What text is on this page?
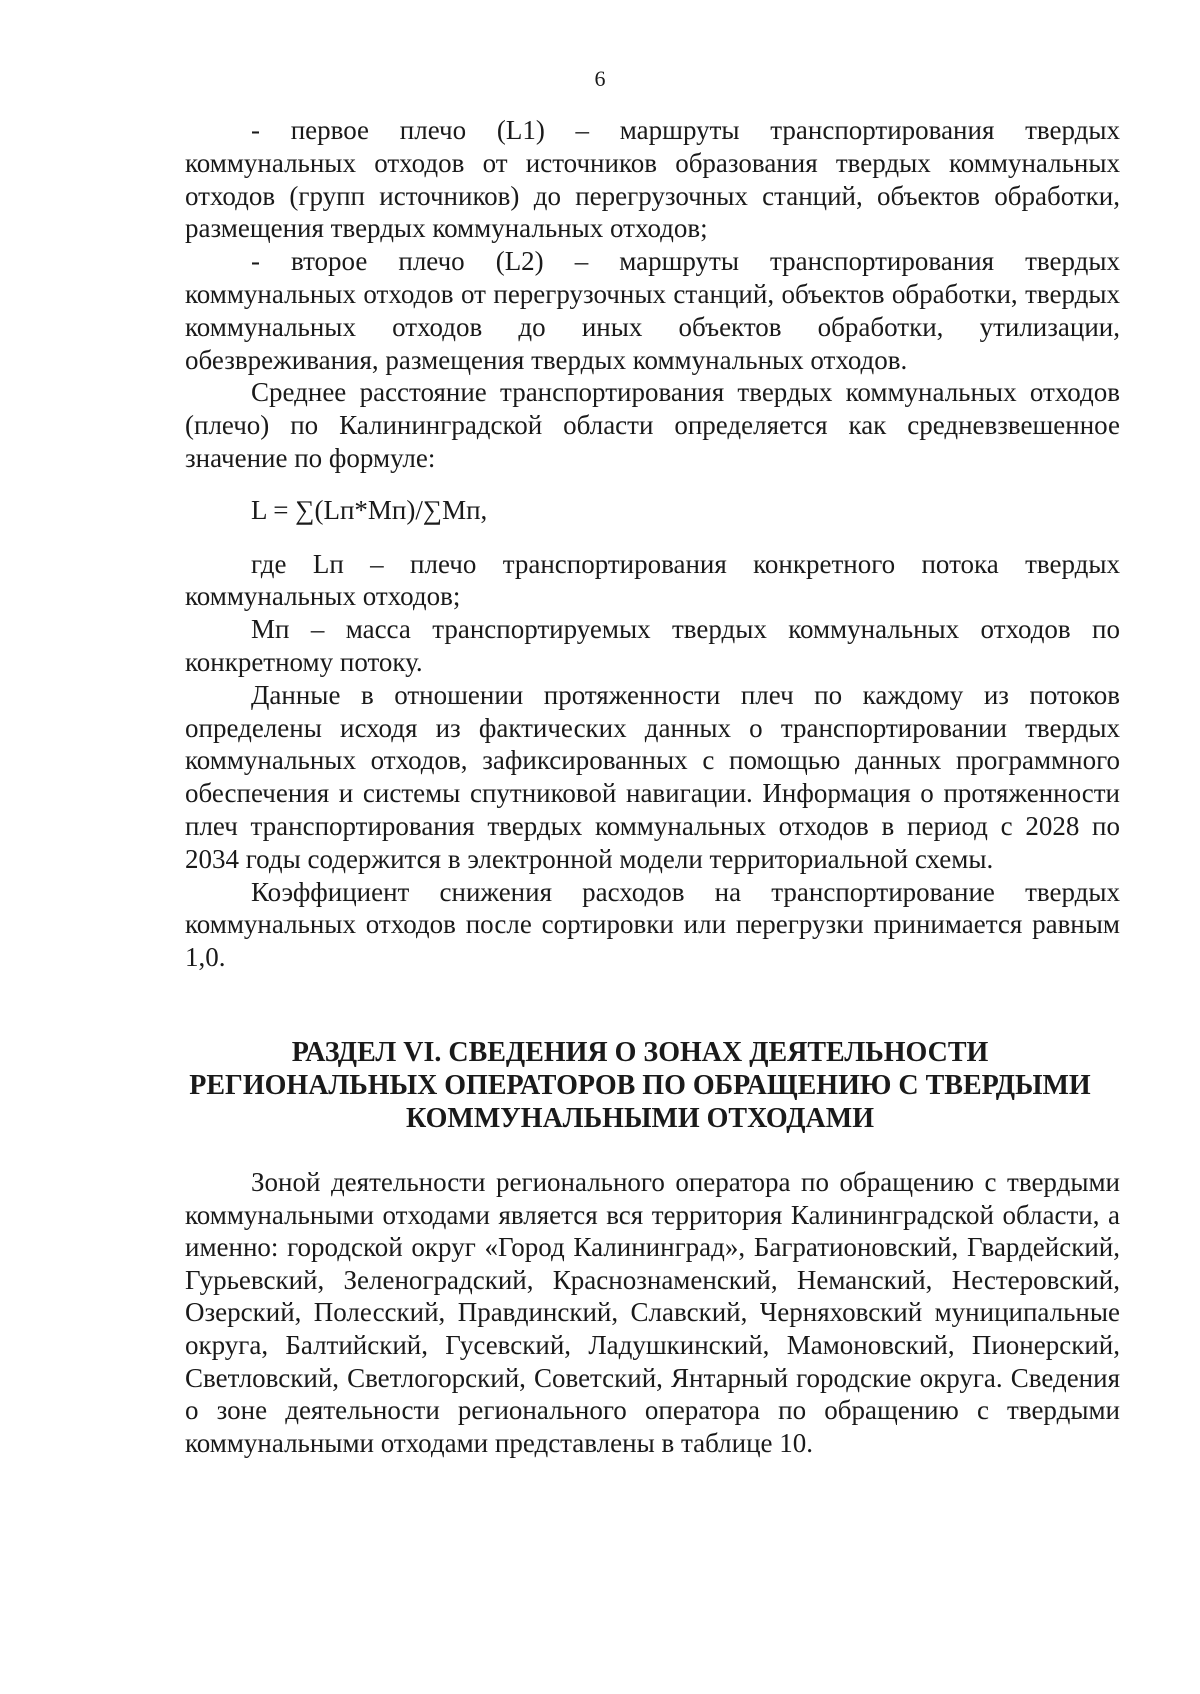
6

- первое плечо (L1) – маршруты транспортирования твердых коммунальных отходов от источников образования твердых коммунальных отходов (групп источников) до перегрузочных станций, объектов обработки, размещения твердых коммунальных отходов;

- второе плечо (L2) – маршруты транспортирования твердых коммунальных отходов от перегрузочных станций, объектов обработки, твердых коммунальных отходов до иных объектов обработки, утилизации, обезвреживания, размещения твердых коммунальных отходов.

Среднее расстояние транспортирования твердых коммунальных отходов (плечо) по Калининградской области определяется как средневзвешенное значение по формуле:

L = ∑(Lп*Mп)/∑Mп,

где Lп – плечо транспортирования конкретного потока твердых коммунальных отходов;

Mп – масса транспортируемых твердых коммунальных отходов по конкретному потоку.

Данные в отношении протяженности плеч по каждому из потоков определены исходя из фактических данных о транспортировании твердых коммунальных отходов, зафиксированных с помощью данных программного обеспечения и системы спутниковой навигации. Информация о протяженности плеч транспортирования твердых коммунальных отходов в период с 2028 по 2034 годы содержится в электронной модели территориальной схемы.

Коэффициент снижения расходов на транспортирование твердых коммунальных отходов после сортировки или перегрузки принимается равным 1,0.

РАЗДЕЛ VI. СВЕДЕНИЯ О ЗОНАХ ДЕЯТЕЛЬНОСТИ

РЕГИОНАЛЬНЫХ ОПЕРАТОРОВ ПО ОБРАЩЕНИЮ С ТВЕРДЫМИ

КОММУНАЛЬНЫМИ ОТХОДАМИ

Зоной деятельности регионального оператора по обращению с твердыми коммунальными отходами является вся территория Калининградской области, а именно: городской округ «Город Калининград», Багратионовский, Гвардейский, Гурьевский, Зеленоградский, Краснознаменский, Неманский, Нестеровский, Озерский, Полесский, Правдинский, Славский, Черняховский муниципальные округа, Балтийский, Гусевский, Ладушкинский, Мамоновский, Пионерский, Светловский, Светлогорский, Советский, Янтарный городские округа. Сведения о зоне деятельности регионального оператора по обращению с твердыми коммунальными отходами представлены в таблице 10.
